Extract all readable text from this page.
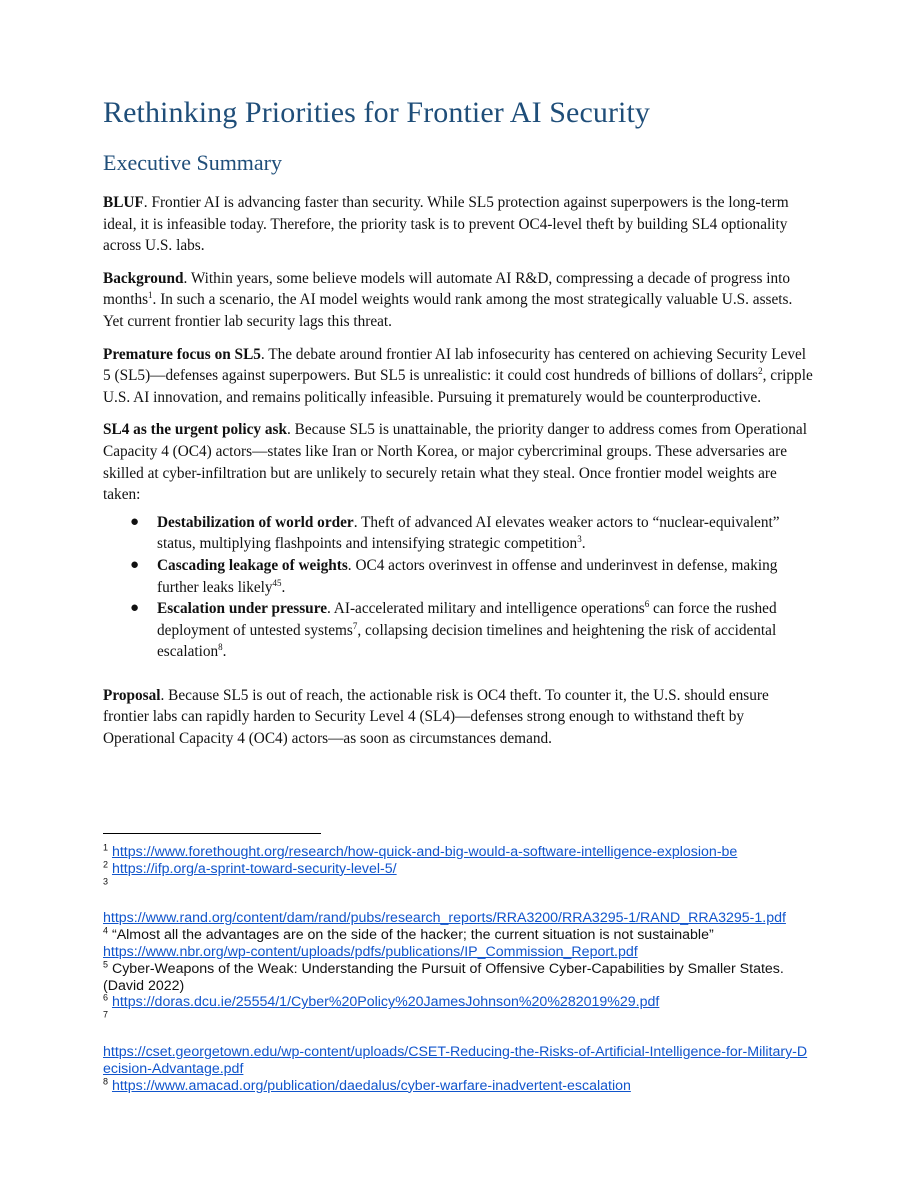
Rethinking Priorities for Frontier AI Security
Executive Summary

BLUF. Frontier AI is advancing faster than security. While SL5 protection against superpowers is the long-term ideal, it is infeasible today. Therefore, the priority task is to prevent OC4-level theft by building SL4 optionality across U.S. labs.

Background. Within years, some believe models will automate AI R&D, compressing a decade of progress into months$^1$. In such a scenario, the AI model weights would rank among the most strategically valuable U.S. assets. Yet current frontier lab security lags this threat.

Premature focus on SL5. The debate around frontier AI lab infosecurity has centered on achieving Security Level 5 (SL5)—defenses against superpowers. But SL5 is unrealistic: it could cost hundreds of billions of dollars$^2$, cripple U.S. AI innovation, and remains politically infeasible. Pursuing it prematurely would be counterproductive.

SL4 as the urgent policy ask. Because SL5 is unattainable, the priority danger to address comes from Operational Capacity 4 (OC4) actors—states like Iran or North Korea, or major cybercriminal groups. These adversaries are skilled at cyber-infiltration but are unlikely to securely retain what they steal. Once frontier model weights are taken:

● Destabilization of world order. Theft of advanced AI elevates weaker actors to “nuclear-equivalent” status, multiplying flashpoints and intensifying strategic competition$^3$.
● Cascading leakage of weights. OC4 actors overinvest in offense and underinvest in defense, making further leaks likely$^{45}$.
● Escalation under pressure. AI-accelerated military and intelligence operations$^6$ can force the rushed deployment of untested systems$^7$, collapsing decision timelines and heightening the risk of accidental escalation$^8$.

Proposal. Because SL5 is out of reach, the actionable risk is OC4 theft. To counter it, the U.S. should ensure frontier labs can rapidly harden to Security Level 4 (SL4)—defenses strong enough to withstand theft by Operational Capacity 4 (OC4) actors—as soon as circumstances demand.

$^1$ https://www.forethought.org/research/how-quick-and-big-would-a-software-intelligence-explosion-be
$^2$ https://ifp.org/a-sprint-toward-security-level-5/
$^3$
https://www.rand.org/content/dam/rand/pubs/research_reports/RRA3200/RRA3295-1/RAND_RRA3295-1.pdf
$^4$ “Almost all the advantages are on the side of the hacker; the current situation is not sustainable”
https://www.nbr.org/wp-content/uploads/pdfs/publications/IP_Commission_Report.pdf
$^5$ Cyber-Weapons of the Weak: Understanding the Pursuit of Offensive Cyber-Capabilities by Smaller States. (David 2022)
$^6$ https://doras.dcu.ie/25554/1/Cyber%20Policy%20JamesJohnson%20%282019%29.pdf
$^7$
https://cset.georgetown.edu/wp-content/uploads/CSET-Reducing-the-Risks-of-Artificial-Intelligence-for-Military-Decision-Advantage.pdf
$^8$ https://www.amacad.org/publication/daedalus/cyber-warfare-inadvertent-escalation
